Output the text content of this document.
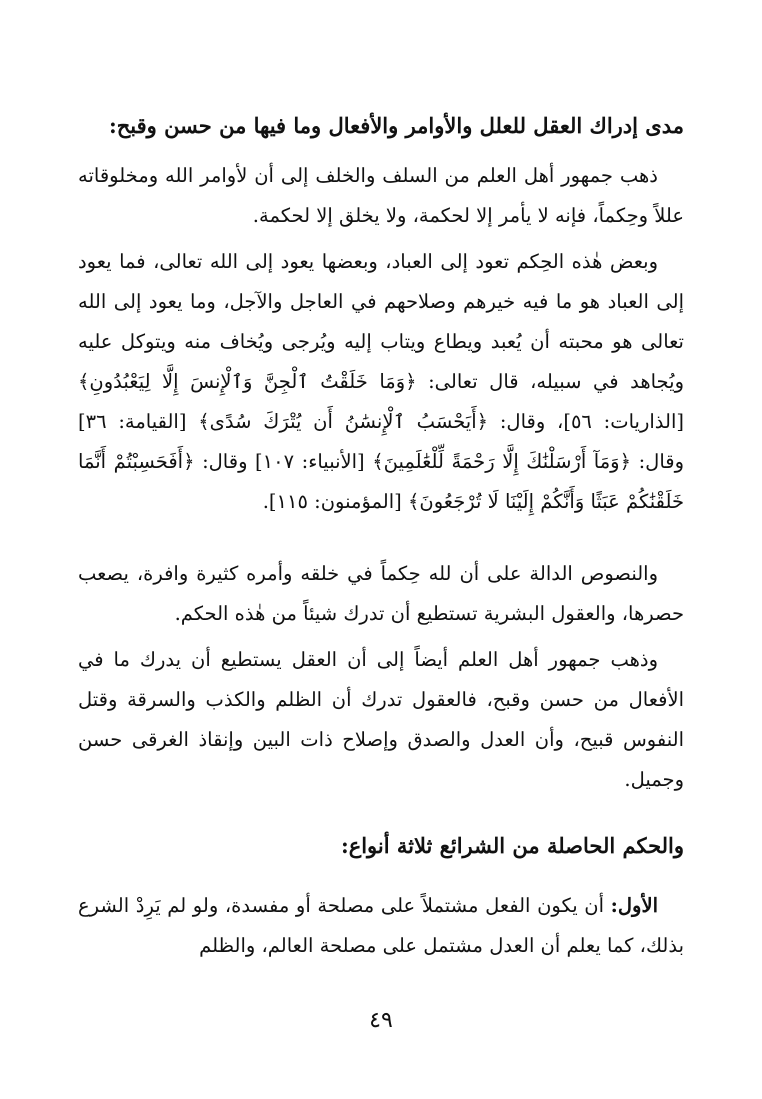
مدى إدراك العقل للعلل والأوامر والأفعال وما فيها من حسن وقبح:

ذهب جمهور أهل العلم من السلف والخلف إلى أن لأوامر الله ومخلوقاته عللاً وحِكماً، فإنه لا يأمر إلا لحكمة، ولا يخلق إلا لحكمة.

وبعض هٰذه الحِكم تعود إلى العباد، وبعضها يعود إلى الله تعالى، فما يعود إلى العباد هو ما فيه خيرهم وصلاحهم في العاجل والآجل، وما يعود إلى الله تعالى هو محبته أن يُعبد ويطاع ويتاب إليه ويُرجى ويُخاف منه ويتوكل عليه ويُجاهد في سبيله، قال تعالى: ﴿وَمَا خَلَقْتُ ٱلْجِنَّ وَٱلْإِنسَ إِلَّا لِيَعْبُدُونِ﴾ [الذاريات: ٥٦]، وقال: ﴿أَيَحْسَبُ ٱلْإِنسَٰنُ أَن يُتْرَكَ سُدًى﴾ [القيامة: ٣٦] وقال: ﴿وَمَآ أَرْسَلْنَٰكَ إِلَّا رَحْمَةً لِّلْعَٰلَمِينَ﴾ [الأنبياء: ١٠٧] وقال: ﴿أَفَحَسِبْتُمْ أَنَّمَا خَلَقْنَٰكُمْ عَبَثًا وَأَنَّكُمْ إِلَيْنَا لَا تُرْجَعُونَ﴾ [المؤمنون: ١١٥].

والنصوص الدالة على أن لله حِكماً في خلقه وأمره كثيرة وافرة، يصعب حصرها، والعقول البشرية تستطيع أن تدرك شيئاً من هٰذه الحكم.

وذهب جمهور أهل العلم أيضاً إلى أن العقل يستطيع أن يدرك ما في الأفعال من حسن وقبح، فالعقول تدرك أن الظلم والكذب والسرقة وقتل النفوس قبيح، وأن العدل والصدق وإصلاح ذات البين وإنقاذ الغرقى حسن وجميل.

والحكم الحاصلة من الشرائع ثلاثة أنواع:

الأول: أن يكون الفعل مشتملاً على مصلحة أو مفسدة، ولو لم يَرِدْ الشرع بذلك، كما يعلم أن العدل مشتمل على مصلحة العالم، والظلم

٤٩
